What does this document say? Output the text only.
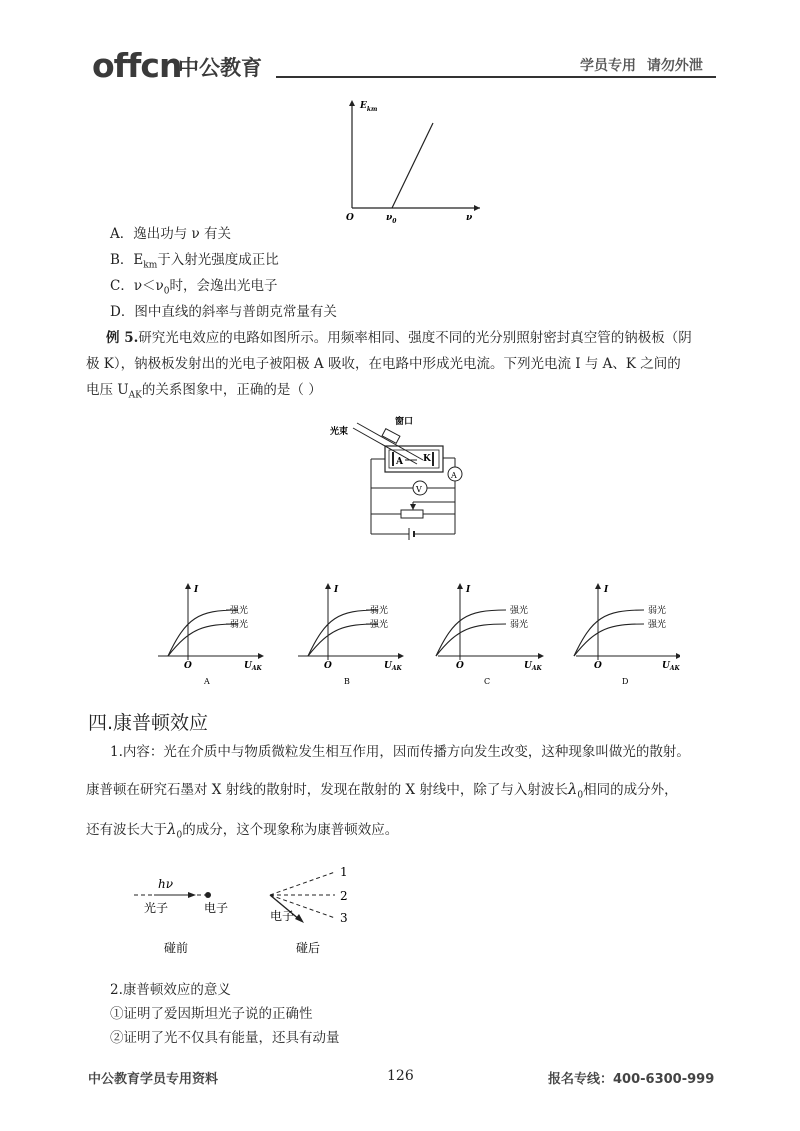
offcn
中公教育	学员专用 请勿外泄
$E_{km}$
O	$\nu_0$	ν
A．逸出功与 ν 有关
B．$E_{km}$于入射光强度成正比
C．$\nu<\nu_0$时，会逸出光电子
D．图中直线的斜率与普朗克常量有关
例 5.研究光电效应的电路如图所示。用频率相同、强度不同的光分别照射密封真空管的钠极板（阴
极 K），钠极板发射出的光电子被阳极 A 吸收，在电路中形成光电流。下列光电流 I 与 A、K 之间的
电压 $U_{AK}$的关系图象中，正确的是（ ）
光束
窗口
A K
A
V
I
O
强光
弱光
A
$U_{AK}$
I
O
弱光
强光
B
$U_{AK}$
I
O
强光
弱光
C
$U_{AK}$
I
O
弱光
强光
D
$U_{AK}$
四.康普顿效应
1.内容：光在介质中与物质微粒发生相互作用，因而传播方向发生改变，这种现象叫做光的散射。
康普顿在研究石墨对 X 射线的散射时，发现在散射的 X 射线中，除了与入射波长$\lambda_0$相同的成分外，
还有波长大于$\lambda_0$的成分，这个现象称为康普顿效应。
hν
光子	电子
碰前
1
2
3
电子
碰后
2.康普顿效应的意义
①证明了爱因斯坦光子说的正确性
②证明了光不仅具有能量，还具有动量
中公教育学员专用资料	126	报名专线：400-6300-999
